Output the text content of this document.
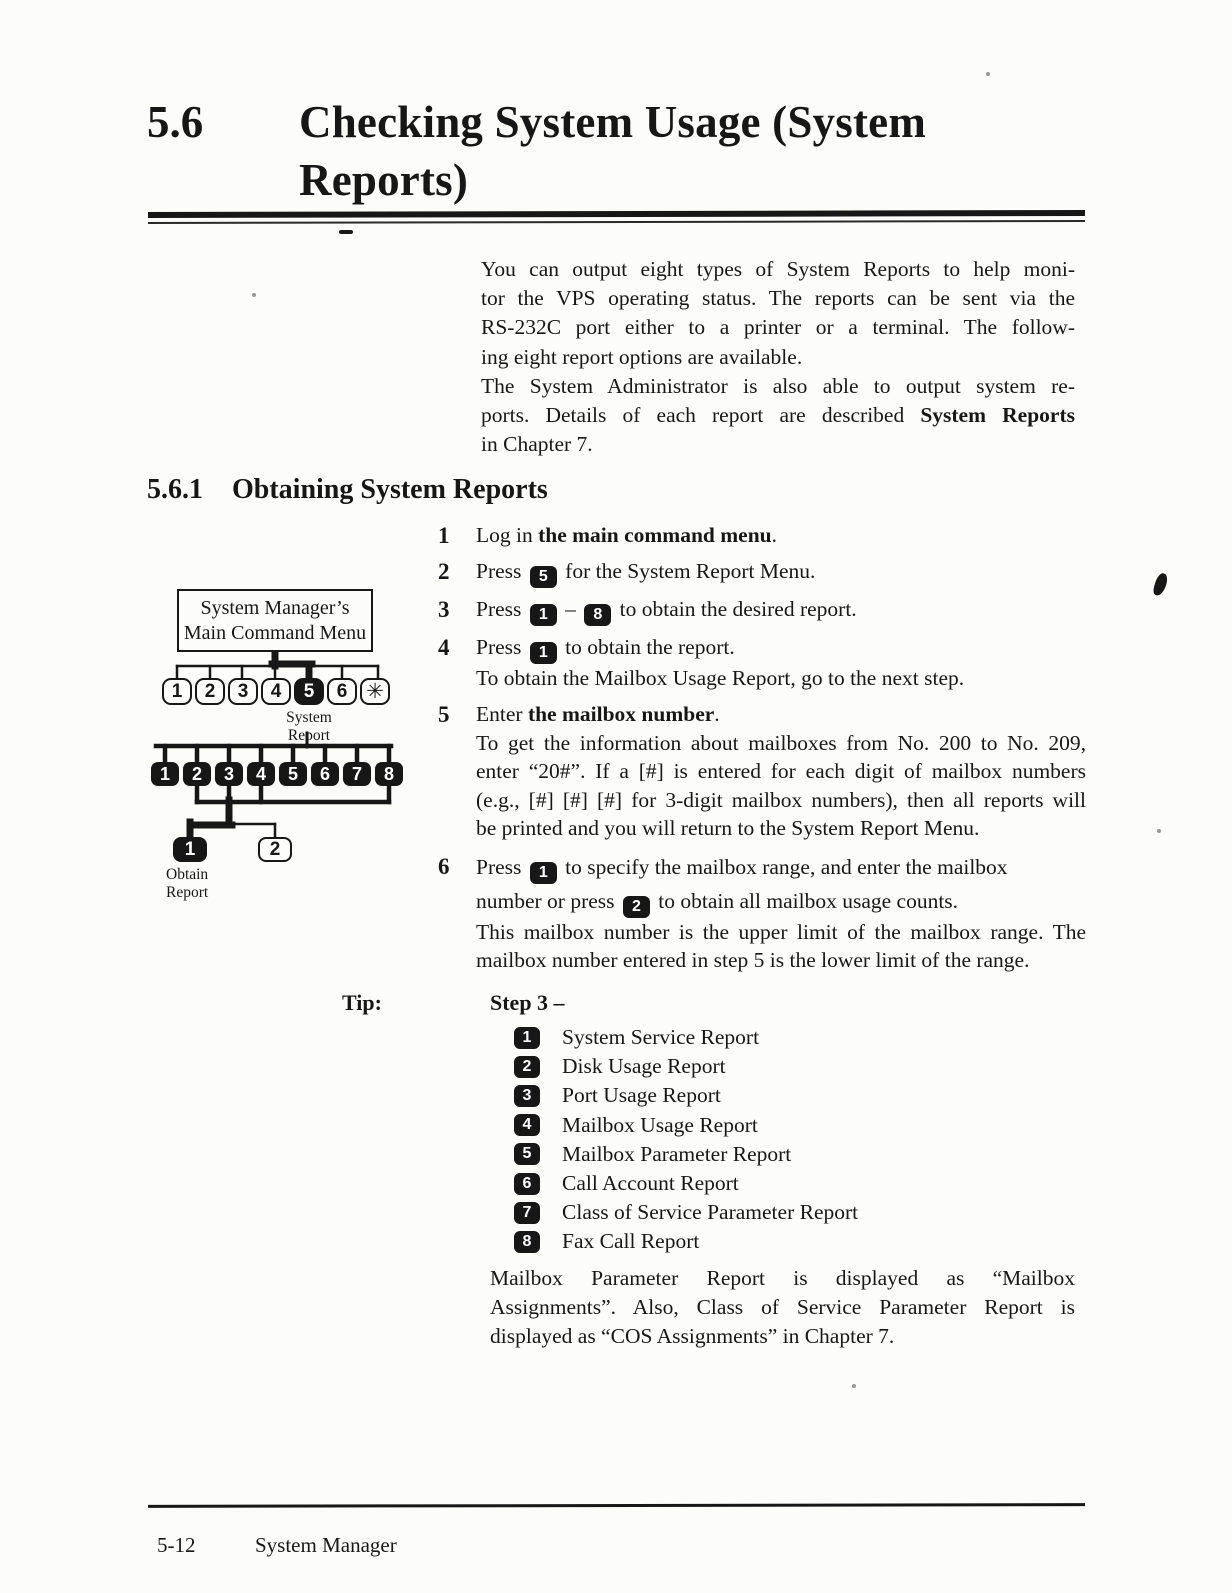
5.6 Checking System Usage (System
Reports)
You can output eight types of System Reports to help moni-
tor the VPS operating status. The reports can be sent via the
RS-232C port either to a printer or a terminal. The follow-
ing eight report options are available.
The System Administrator is also able to output system re-
ports. Details of each report are described System Reports
in Chapter 7.
5.6.1 Obtaining System Reports
System Manager’s
Main Command Menu
1	2	3	4	5	6 ✳
System
Report
1	2	3	4	5	6	7	8
1	2
Obtain
Report
1	Log in the main command menu.
2	Press 5 for the System Report Menu.
3	Press 1 – 8 to obtain the desired report.
4	Press 1 to obtain the report.
To obtain the Mailbox Usage Report, go to the next step.
5	Enter the mailbox number.
To get the information about mailboxes from No. 200 to No. 209,
enter “20#”. If a [#] is entered for each digit of mailbox numbers
(e.g., [#] [#] [#] for 3-digit mailbox numbers), then all reports will
be printed and you will return to the System Report Menu.
6	Press 1 to specify the mailbox range, and enter the mailbox
number or press 2 to obtain all mailbox usage counts.
This mailbox number is the upper limit of the mailbox range. The
mailbox number entered in step 5 is the lower limit of the range.
Tip:	Step 3 –
1	System Service Report
2	Disk Usage Report
3	Port Usage Report
4	Mailbox Usage Report
5	Mailbox Parameter Report
6	Call Account Report
7	Class of Service Parameter Report
8	Fax Call Report
Mailbox Parameter Report is displayed as “Mailbox
Assignments”. Also, Class of Service Parameter Report is
displayed as “COS Assignments” in Chapter 7.
5-12	System Manager
